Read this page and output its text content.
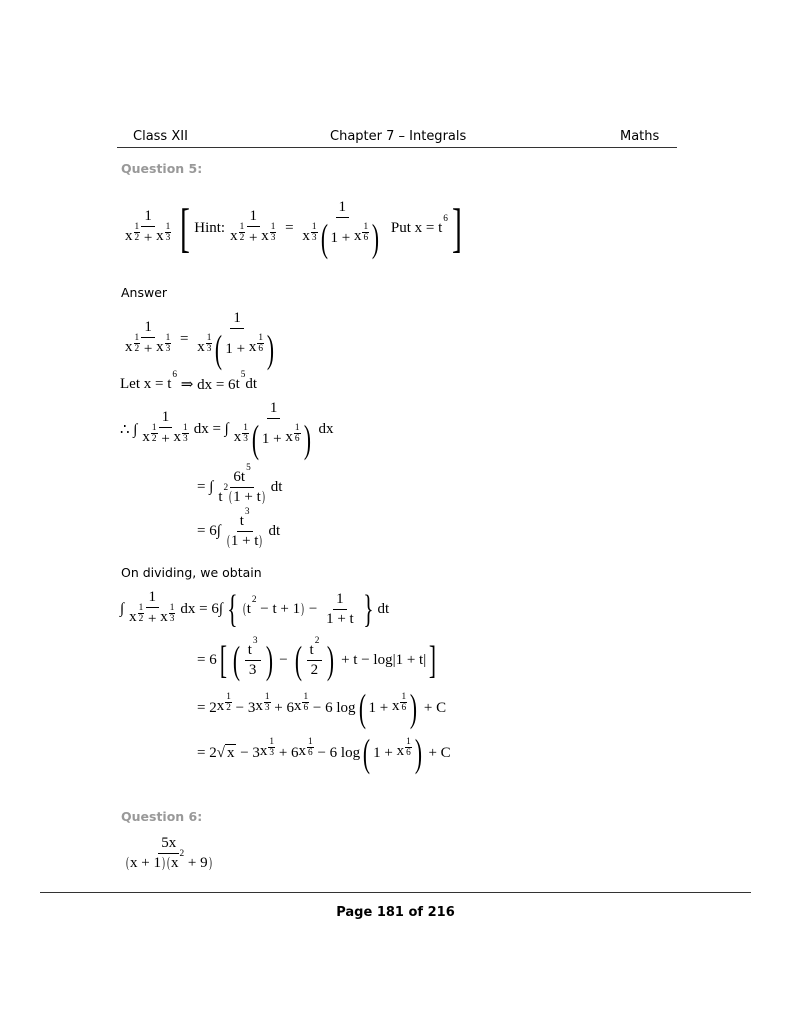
Class XII	Chapter 7 – Integrals	Maths
Question 5:
$\frac{1}{x \frac{1}{2} + x \frac{1}{3}}$ [ Hint: $\frac{1}{x \frac{1}{2} + x \frac{1}{3}} = \frac{1}{x \frac{1}{3} ( 1 + x \frac{1}{6} )}$ Put x = t
6 ]
Answer
$\frac{1}{x \frac{1}{2} + x \frac{1}{3}} = \frac{1}{x \frac{1}{3} ( 1 + x \frac{1}{6} )}$
Let x = t
6
⇒ dx = 6 t
5
dt
∴ ∫ $\frac{1}{x \frac{1}{2} + x \frac{1}{3}}$ dx = ∫ $\frac{1}{x \frac{1}{3} ( 1 + x \frac{1}{6} )}$ dx
= ∫ 6 t
5
t
2
( 1 + t ) dt
= 6∫ t
3
( 1 + t ) dt
On dividing, we obtain
∫ $\frac{1}{x \frac{1}{2} + x \frac{1}{3}}$ dx = 6∫ { ( t
2
− t + 1 ) − $\frac{1}{1 + t}$ } dt
= 6 [ ( t
3
3 ) − ( t
2
2 ) + t − log|1 + t| ]
= 2 x $\frac{1}{2} - 3$ x $\frac{1}{3} + 6$ x $\frac{1}{6} - 6$ log ( 1 + x $\frac{1}{6}$ ) + C
= 2 √ x − 3 x $\frac{1}{3} + 6$ x $\frac{1}{6} - 6$ log ( 1 + x $\frac{1}{6}$ ) + C
Question 6:
5x
( x + 1 ) ( x
2
+ 9 )
Page 181 of 216
